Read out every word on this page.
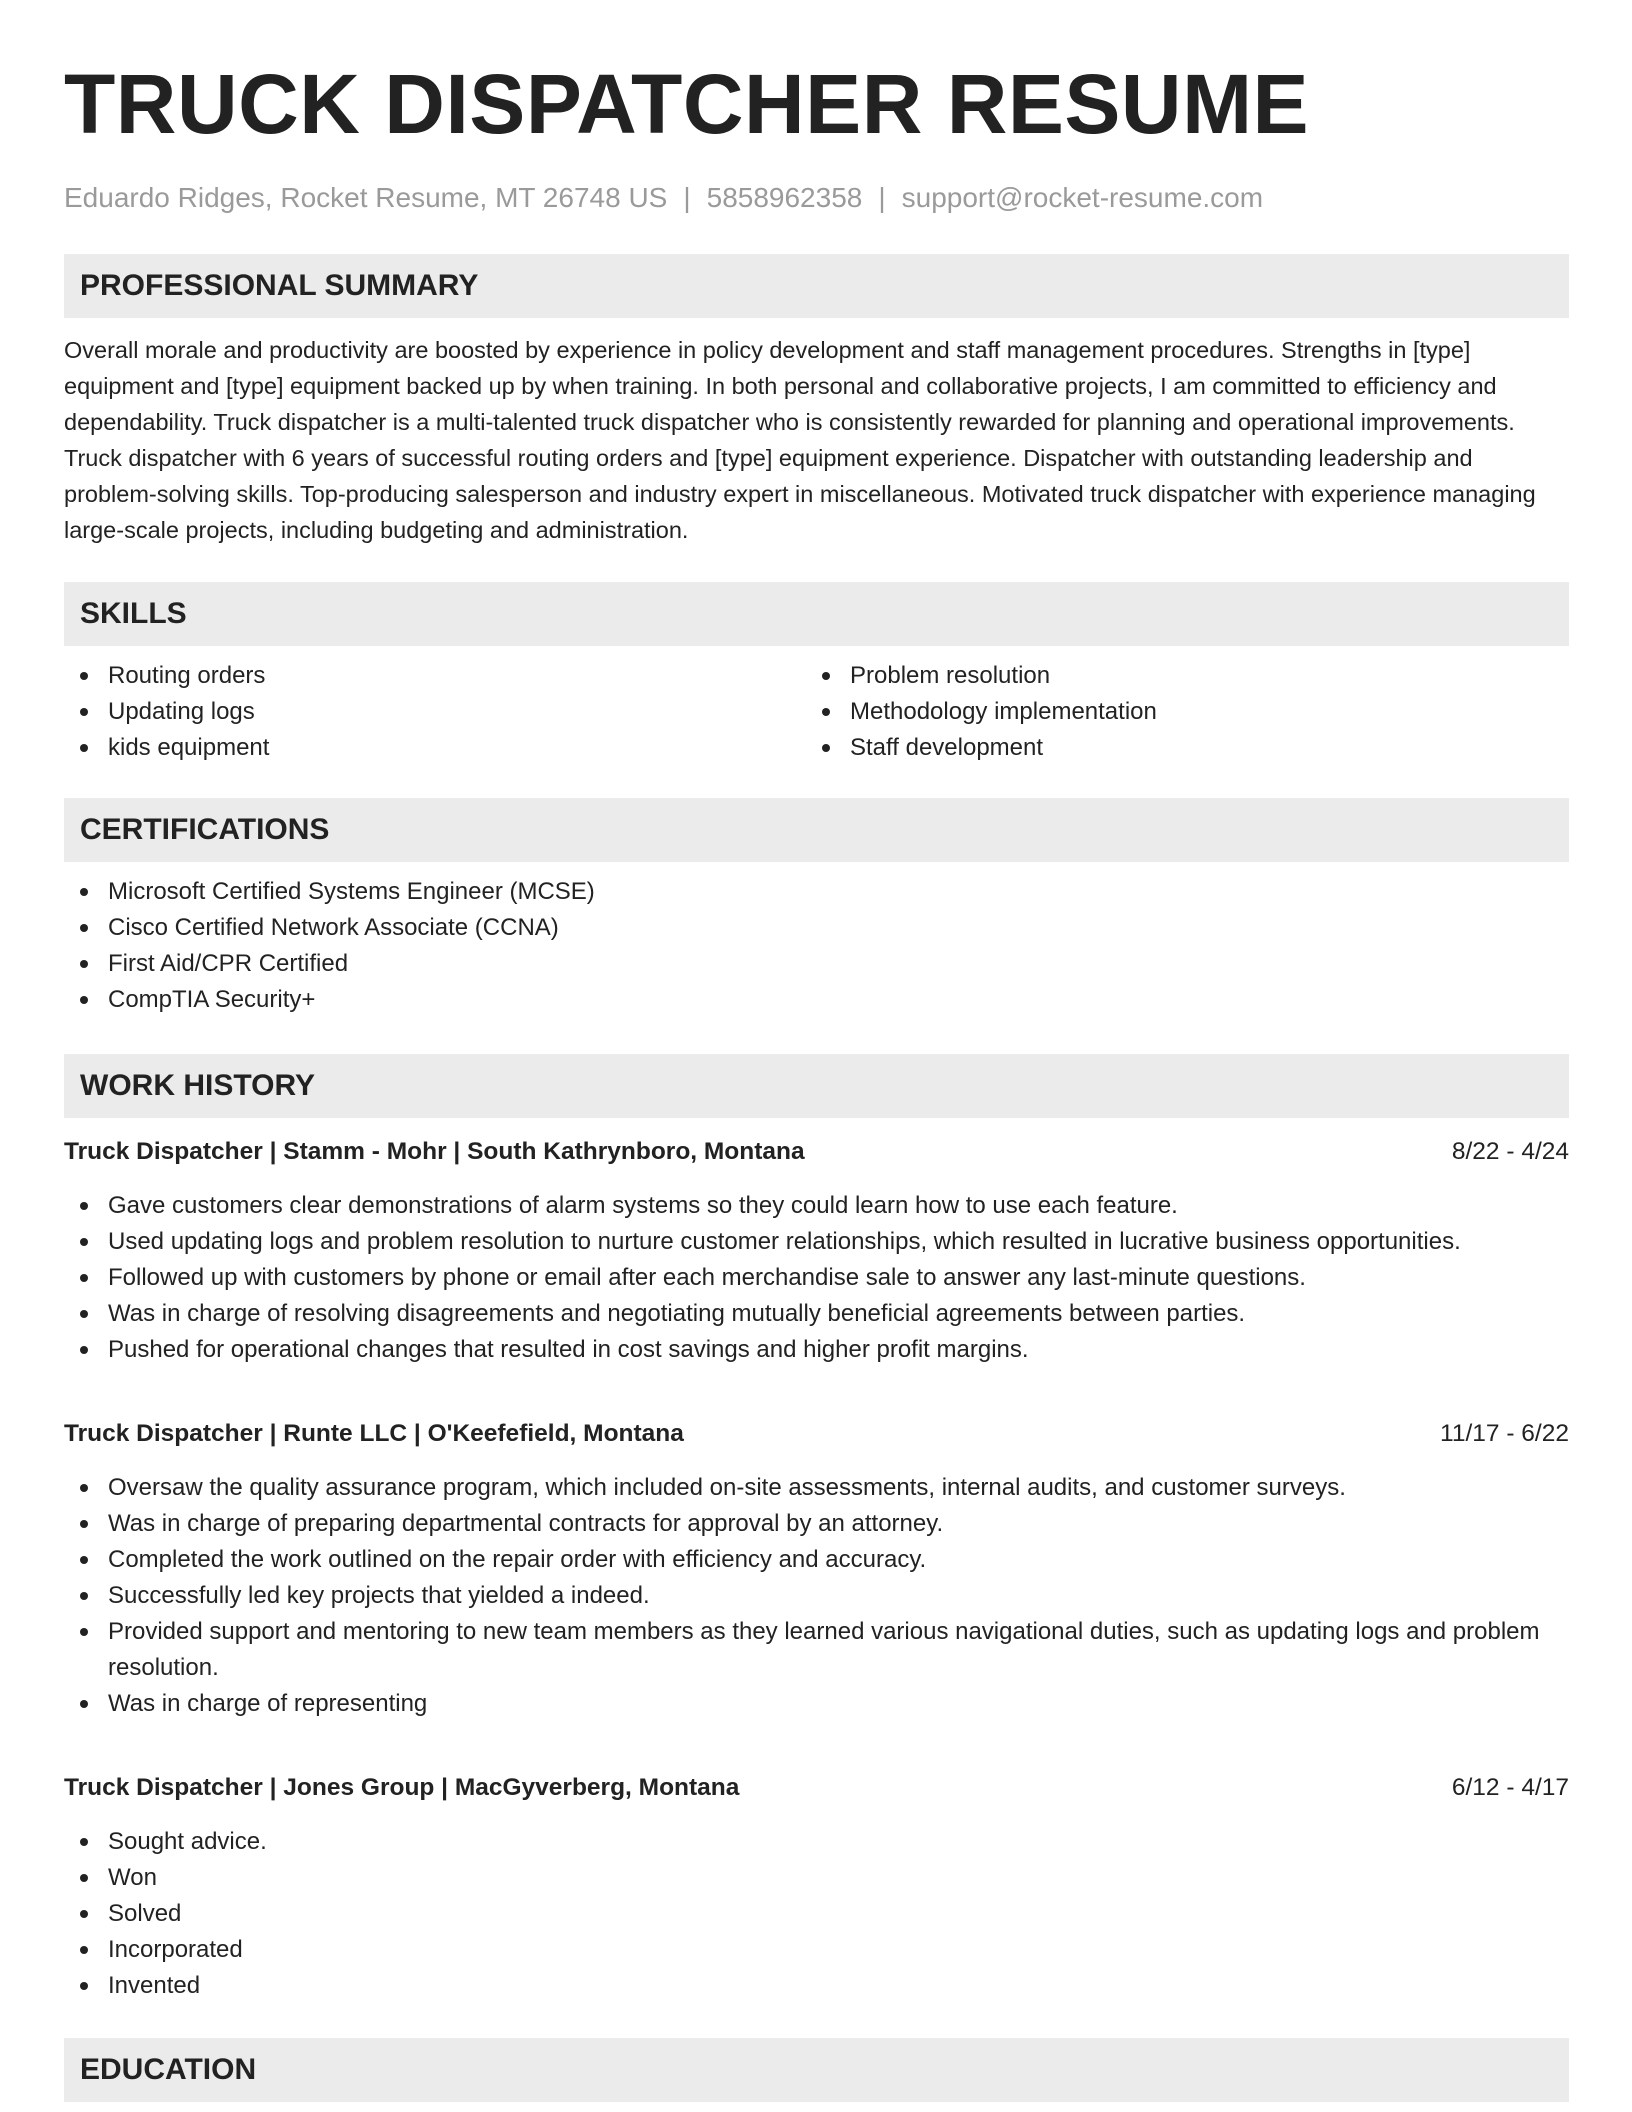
TRUCK DISPATCHER RESUME
Eduardo Ridges, Rocket Resume, MT 26748 US | 5858962358 | support@rocket-resume.com
PROFESSIONAL SUMMARY

Overall morale and productivity are boosted by experience in policy development and staff management procedures. Strengths in [type] equipment and [type] equipment backed up by when training. In both personal and collaborative projects, I am committed to efficiency and dependability. Truck dispatcher is a multi-talented truck dispatcher who is consistently rewarded for planning and operational improvements. Truck dispatcher with 6 years of successful routing orders and [type] equipment experience. Dispatcher with outstanding leadership and problem-solving skills. Top-producing salesperson and industry expert in miscellaneous. Motivated truck dispatcher with experience managing large-scale projects, including budgeting and administration.

SKILLS
Routing orders
Updating logs
kids equipment
Problem resolution
Methodology implementation
Staff development
CERTIFICATIONS
Microsoft Certified Systems Engineer (MCSE)
Cisco Certified Network Associate (CCNA)
First Aid/CPR Certified
CompTIA Security+
WORK HISTORY
Truck Dispatcher | Stamm - Mohr | South Kathrynboro, Montana	8/22 - 4/24
Gave customers clear demonstrations of alarm systems so they could learn how to use each feature.
Used updating logs and problem resolution to nurture customer relationships, which resulted in lucrative business opportunities.
Followed up with customers by phone or email after each merchandise sale to answer any last-minute questions.
Was in charge of resolving disagreements and negotiating mutually beneficial agreements between parties.
Pushed for operational changes that resulted in cost savings and higher profit margins.
Truck Dispatcher | Runte LLC | O'Keefefield, Montana	11/17 - 6/22
Oversaw the quality assurance program, which included on-site assessments, internal audits, and customer surveys.
Was in charge of preparing departmental contracts for approval by an attorney.
Completed the work outlined on the repair order with efficiency and accuracy.
Successfully led key projects that yielded a indeed.
Provided support and mentoring to new team members as they learned various navigational duties, such as updating logs and problem resolution.
Was in charge of representing
Truck Dispatcher | Jones Group | MacGyverberg, Montana	6/12 - 4/17
Sought advice.
Won
Solved
Incorporated
Invented
EDUCATION
